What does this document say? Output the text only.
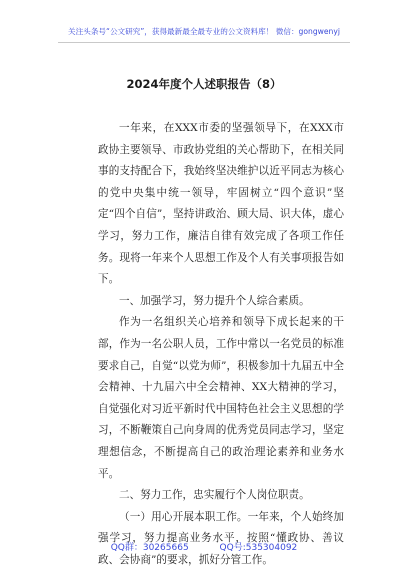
关注头条号“公文研究”，获得最新最全最专业的公文资料库！ 微信：gongwenyj
2024年度个人述职报告（8）

一年来，在XXX市委的坚强领导下，在XXX市政协主要领导、市政协党组的关心帮助下，在相关同事的支持配合下，我始终坚决维护以近平同志为核心的党中央集中统一领导，牢固树立“四个意识”坚定“四个自信”，坚持讲政治、顾大局、识大体，虚心学习，努力工作，廉洁自律有效完成了各项工作任务。现将一年来个人思想工作及个人有关事项报告如下。

一、加强学习，努力提升个人综合素质。

作为一名组织关心培养和领导下成长起来的干部，作为一名公职人员，工作中常以一名党员的标准要求自己，自觉“以党为师”，积极参加十九届五中全会精神、十九届六中全会精神、XX大精神的学习，自觉强化对习近平新时代中国特色社会主义思想的学习，不断鞭策自己向身周的优秀党员同志学习，坚定理想信念，不断提高自己的政治理论素养和业务水平。

二、努力工作，忠实履行个人岗位职责。

（一）用心开展本职工作。一年来，个人始终加强学习，努力提高业务水平，按照“懂政协、善议政、会协商”的要求，抓好分管工作。

QQ群：30265665	QQ号:535304092
